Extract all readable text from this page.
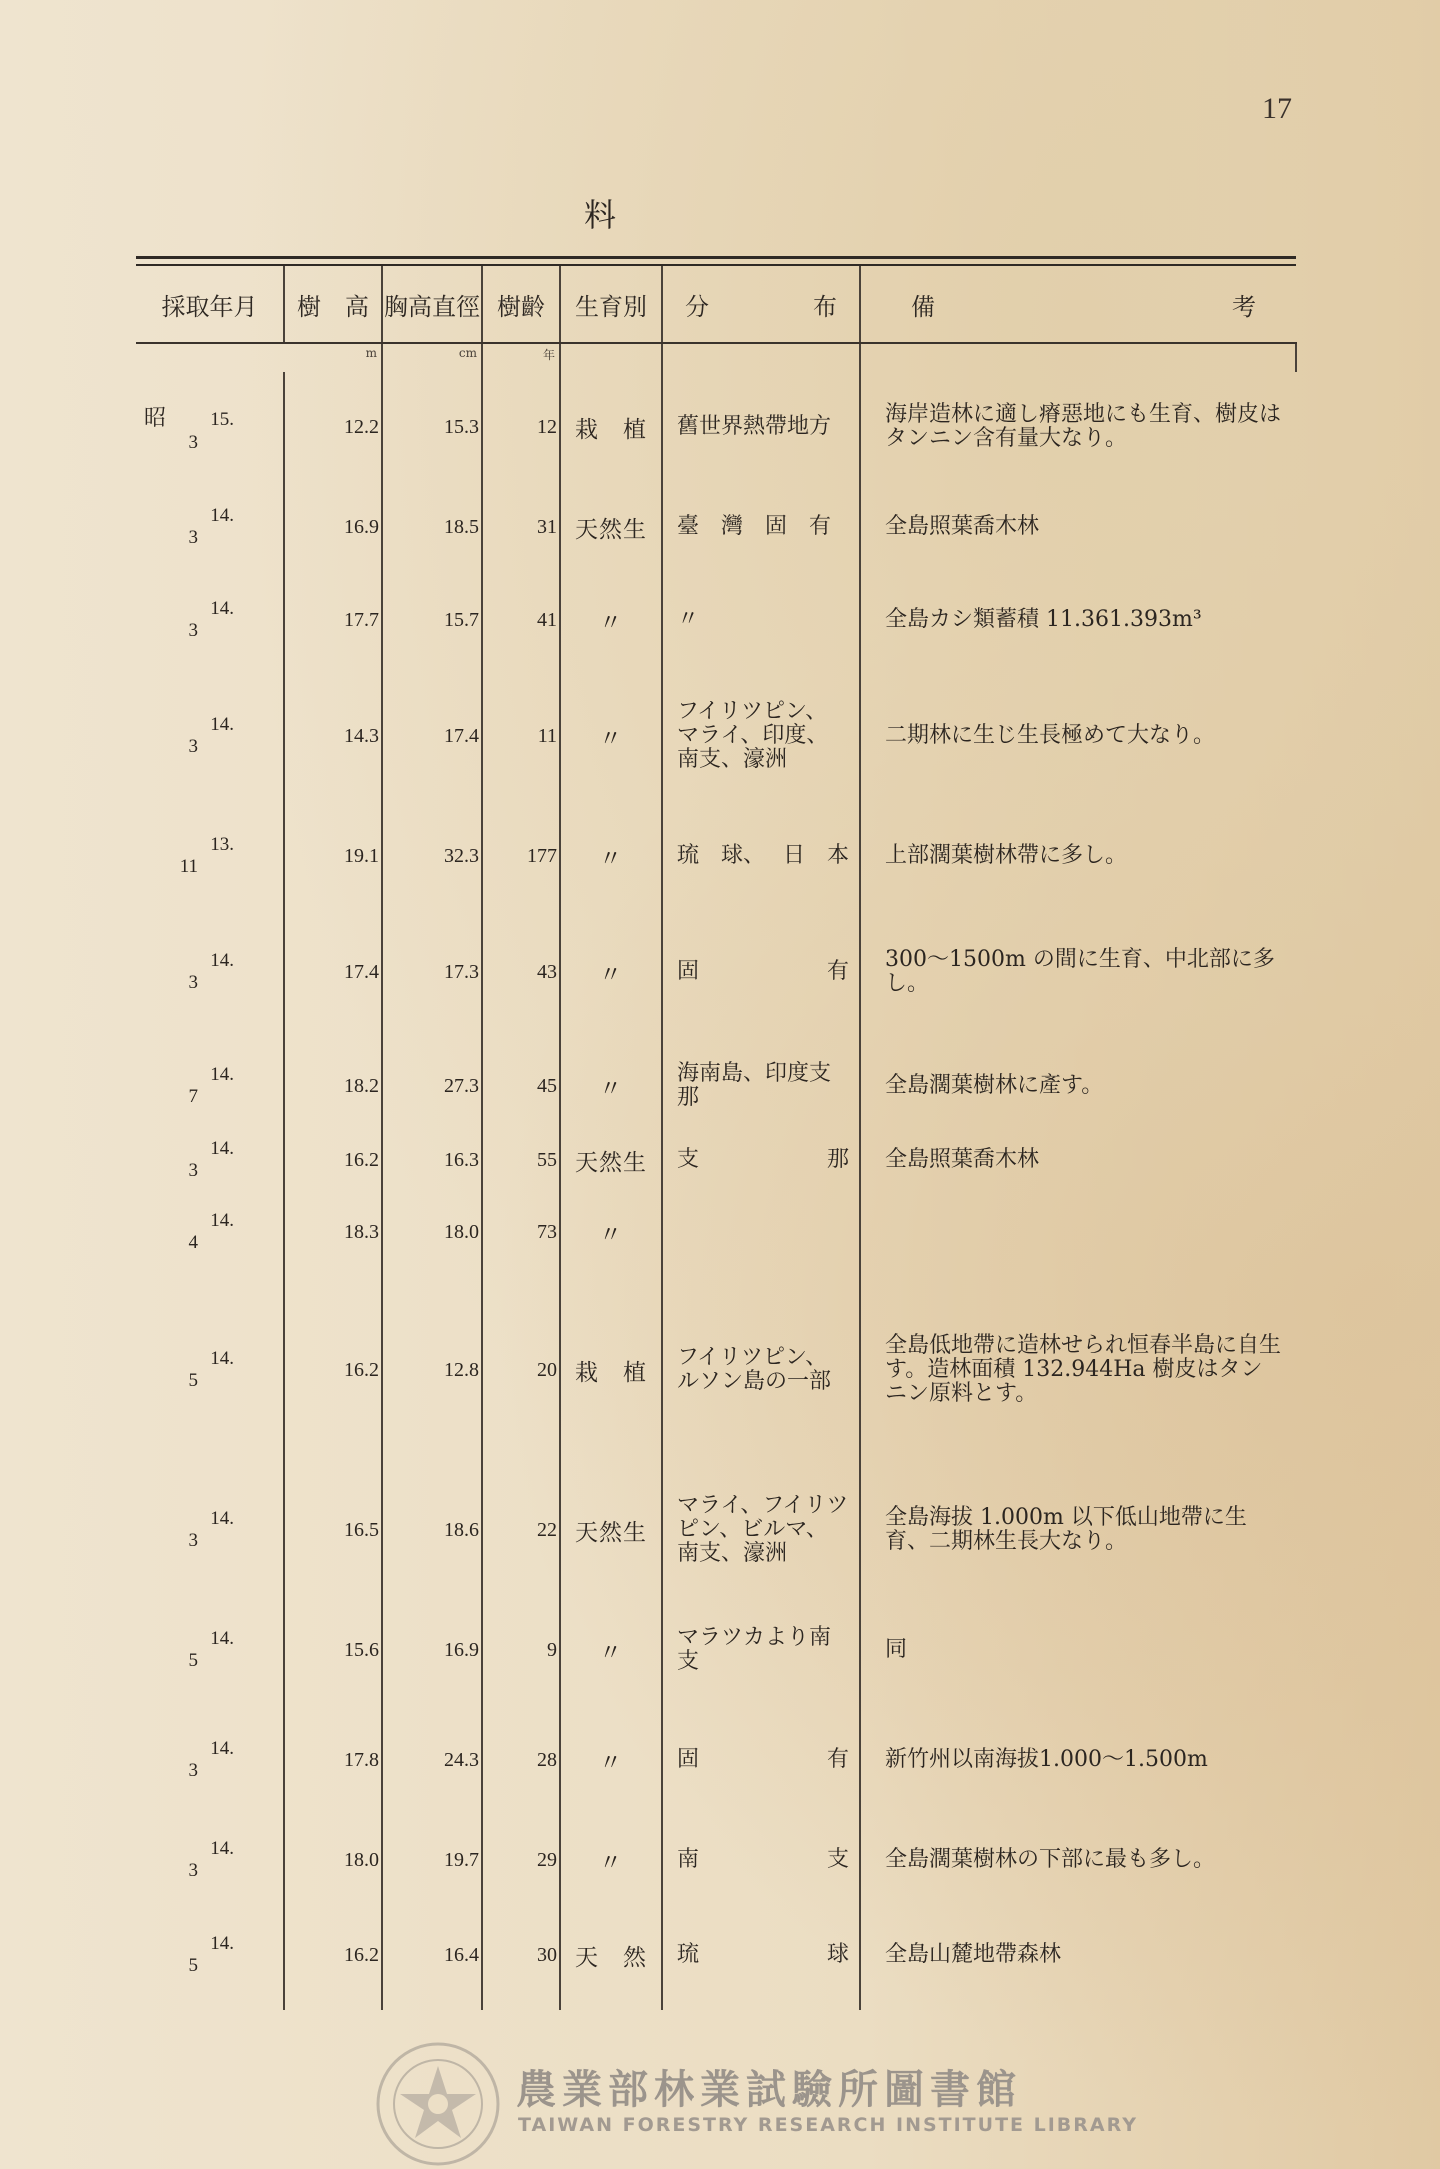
17
料
採取年月	樹　高	胸高直徑	樹齡	生育別	分 布	備 考

	m	cm	年			
昭 15.3	12.2	15.3	12	栽　植	舊世界熱帶地方	海岸造林に適し瘠惡地にも生育、樹皮はタンニン含有量大なり。
14.3	16.9	18.5	31	天然生	臺　灣　固　有	全島照葉喬木林
14.3	17.7	15.7	41	〃	〃	全島カシ類蓄積 11.361.393m³
14.3	14.3	17.4	11	〃	フイリツピン、マライ、印度、南支、濠洲	二期林に生じ生長極めて大なり。
13.11	19.1	32.3	177	〃	琉　球、 日　本	上部濶葉樹林帶に多し。
14.3	17.4	17.3	43	〃	固 有	300〜1500m の間に生育、中北部に多し。
14.7	18.2	27.3	45	〃	海南島、印度支那	全島濶葉樹林に產す。
14.3	16.2	16.3	55	天然生	支 那	全島照葉喬木林
14.4	18.3	18.0	73	〃		
14.5	16.2	12.8	20	栽　植	フイリツピン、ルソン島の一部	全島低地帶に造林せられ恒春半島に自生す。造林面積 132.944Ha 樹皮はタンニン原料とす。
14.3	16.5	18.6	22	天然生	マライ、フイリツピン、ビルマ、南支、濠洲	全島海拔 1.000m 以下低山地帶に生育、二期林生長大なり。
14.5	15.6	16.9	9	〃	マラツカより南支	同
14.3	17.8	24.3	28	〃	固 有	新竹州以南海拔1.000〜1.500m
14.3	18.0	19.7	29	〃	南 支	全島濶葉樹林の下部に最も多し。
14.5	16.2	16.4	30	天　然	琉 球	全島山麓地帶森林
農業部林業試驗所圖書館
TAIWAN FORESTRY RESEARCH INSTITUTE LIBRARY
